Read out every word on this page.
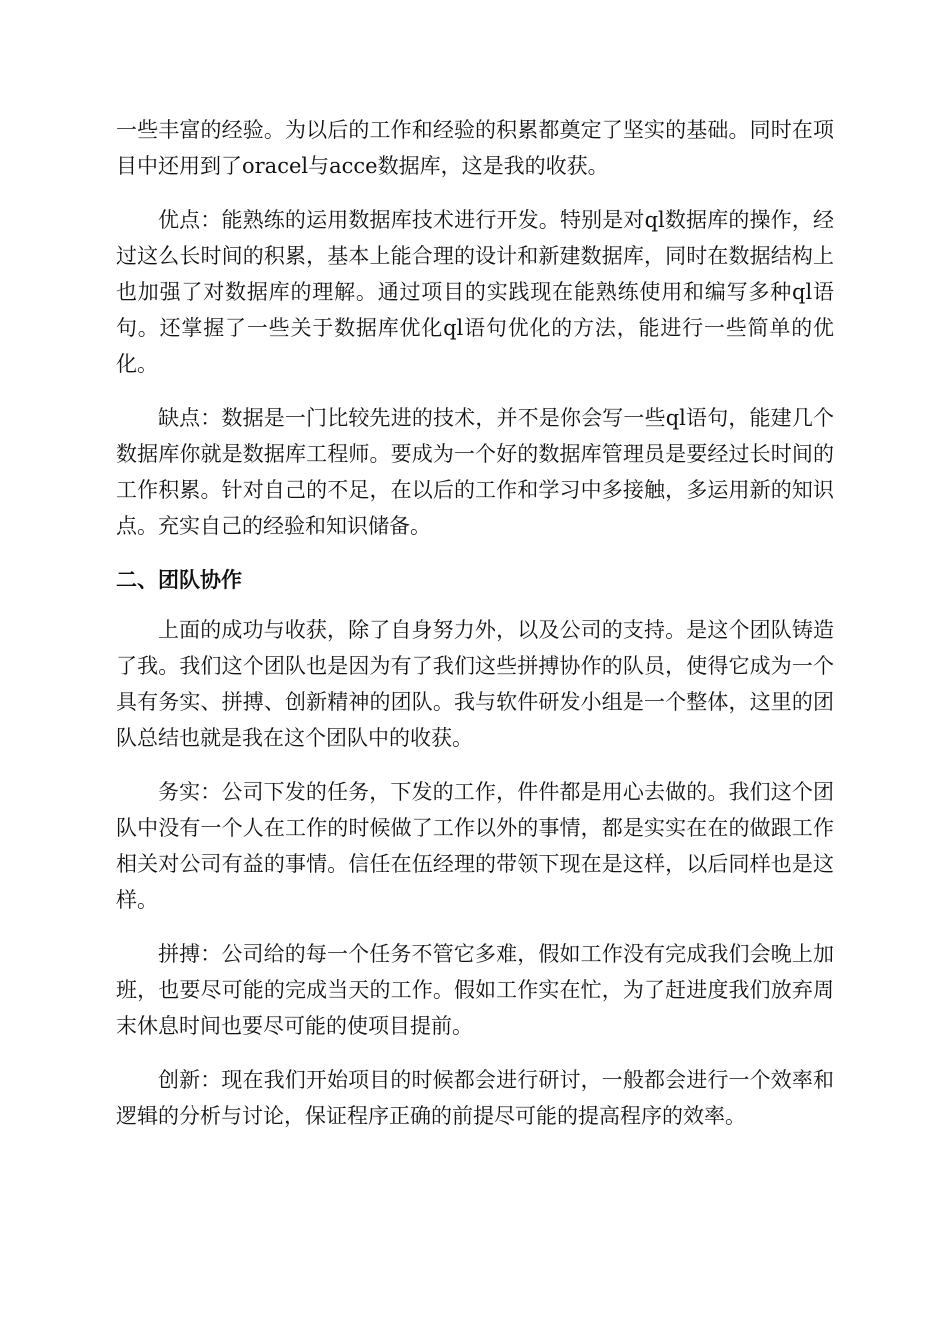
一些丰富的经验。为以后的工作和经验的积累都奠定了坚实的基础。同时在项目中还用到了oracel与acce数据库，这是我的收获。

优点：能熟练的运用数据库技术进行开发。特别是对ql数据库的操作，经过这么长时间的积累，基本上能合理的设计和新建数据库，同时在数据结构上也加强了对数据库的理解。通过项目的实践现在能熟练使用和编写多种ql语句。还掌握了一些关于数据库优化ql语句优化的方法，能进行一些简单的优化。

缺点：数据是一门比较先进的技术，并不是你会写一些ql语句，能建几个数据库你就是数据库工程师。要成为一个好的数据库管理员是要经过长时间的工作积累。针对自己的不足，在以后的工作和学习中多接触，多运用新的知识点。充实自己的经验和知识储备。

二、团队协作

上面的成功与收获，除了自身努力外，以及公司的支持。是这个团队铸造了我。我们这个团队也是因为有了我们这些拼搏协作的队员，使得它成为一个具有务实、拼搏、创新精神的团队。我与软件研发小组是一个整体，这里的团队总结也就是我在这个团队中的收获。

务实：公司下发的任务，下发的工作，件件都是用心去做的。我们这个团队中没有一个人在工作的时候做了工作以外的事情，都是实实在在的做跟工作相关对公司有益的事情。信任在伍经理的带领下现在是这样，以后同样也是这样。

拼搏：公司给的每一个任务不管它多难，假如工作没有完成我们会晚上加班，也要尽可能的完成当天的工作。假如工作实在忙，为了赶进度我们放弃周末休息时间也要尽可能的使项目提前。

创新：现在我们开始项目的时候都会进行研讨，一般都会进行一个效率和逻辑的分析与讨论，保证程序正确的前提尽可能的提高程序的效率。
